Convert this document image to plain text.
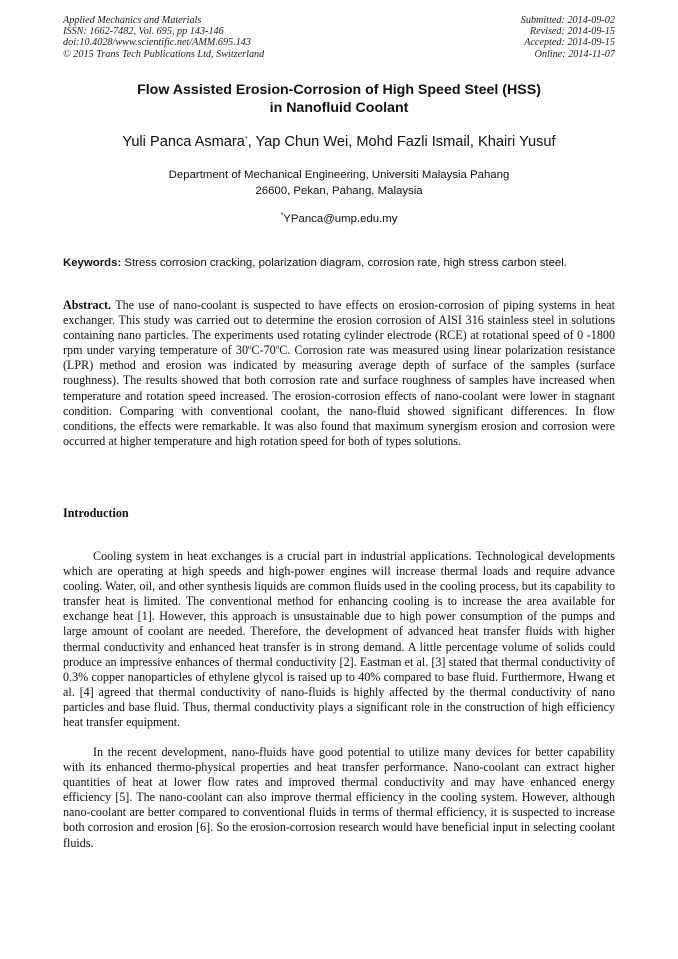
Applied Mechanics and Materials
ISSN: 1662-7482, Vol. 695, pp 143-146
doi:10.4028/www.scientific.net/AMM.695.143
© 2015 Trans Tech Publications Ltd, Switzerland
Submitted: 2014-09-02
Revised: 2014-09-15
Accepted: 2014-09-15
Online: 2014-11-07
Flow Assisted Erosion-Corrosion of High Speed Steel (HSS)
in Nanofluid Coolant
Yuli Panca Asmara*, Yap Chun Wei, Mohd Fazli Ismail, Khairi Yusuf
Department of Mechanical Engineering, Universiti Malaysia Pahang
26600, Pekan, Pahang, Malaysia
*YPanca@ump.edu.my
Keywords: Stress corrosion cracking, polarization diagram, corrosion rate, high stress carbon steel.
Abstract. The use of nano-coolant is suspected to have effects on erosion-corrosion of piping systems in heat exchanger. This study was carried out to determine the erosion corrosion of AISI 316 stainless steel in solutions containing nano particles. The experiments used rotating cylinder electrode (RCE) at rotational speed of 0 -1800 rpm under varying temperature of 30$^o$C-70$^o$C. Corrosion rate was measured using linear polarization resistance (LPR) method and erosion was indicated by measuring average depth of surface of the samples (surface roughness). The results showed that both corrosion rate and surface roughness of samples have increased when temperature and rotation speed increased. The erosion-corrosion effects of nano-coolant were lower in stagnant condition. Comparing with conventional coolant, the nano-fluid showed significant differences. In flow conditions, the effects were remarkable. It was also found that maximum synergism erosion and corrosion were occurred at higher temperature and high rotation speed for both of types solutions.
Introduction

Cooling system in heat exchanges is a crucial part in industrial applications. Technological developments which are operating at high speeds and high-power engines will increase thermal loads and require advance cooling. Water, oil, and other synthesis liquids are common fluids used in the cooling process, but its capability to transfer heat is limited. The conventional method for enhancing cooling is to increase the area available for exchange heat [1]. However, this approach is unsustainable due to high power consumption of the pumps and large amount of coolant are needed. Therefore, the development of advanced heat transfer fluids with higher thermal conductivity and enhanced heat transfer is in strong demand. A little percentage volume of solids could produce an impressive enhances of thermal conductivity [2]. Eastman et al. [3] stated that thermal conductivity of 0.3% copper nanoparticles of ethylene glycol is raised up to 40% compared to base fluid. Furthermore, Hwang et al. [4] agreed that thermal conductivity of nano-fluids is highly affected by the thermal conductivity of nano particles and base fluid. Thus, thermal conductivity plays a significant role in the construction of high efficiency heat transfer equipment.

In the recent development, nano-fluids have good potential to utilize many devices for better capability with its enhanced thermo-physical properties and heat transfer performance. Nano-coolant can extract higher quantities of heat at lower flow rates and improved thermal conductivity and may have enhanced energy efficiency [5]. The nano-coolant can also improve thermal efficiency in the cooling system. However, although nano-coolant are better compared to conventional fluids in terms of thermal efficiency, it is suspected to increase both corrosion and erosion [6]. So the erosion-corrosion research would have beneficial input in selecting coolant fluids.
